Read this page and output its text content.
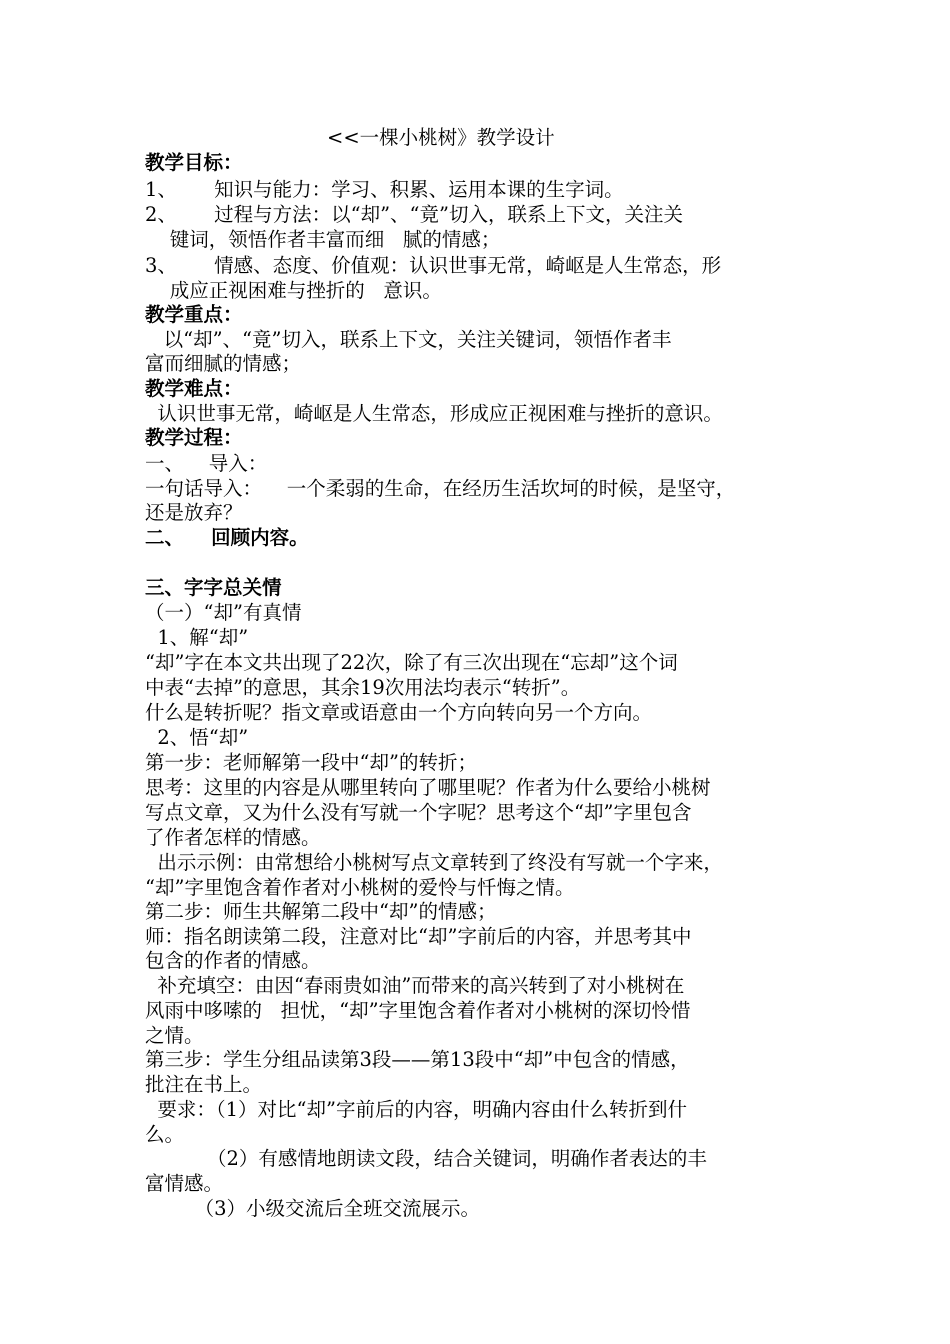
<<一棵小桃树》教学设计
教学目标：
1、      知识与能力：学习、积累、运用本课的生字词。
2、      过程与方法：以“却”、“竟”切入，联系上下文，关注关
键词，领悟作者丰富而细   腻的情感；
3、      情感、态度、价值观：认识世事无常，崎岖是人生常态，形
成应正视困难与挫折的   意识。
教学重点：
以“却”、“竟”切入，联系上下文，关注关键词，领悟作者丰
富而细腻的情感；
教学难点：
认识世事无常，崎岖是人生常态，形成应正视困难与挫折的意识。
教学过程：
一、    导入：
一句话导入：    一个柔弱的生命，在经历生活坎坷的时候，是坚守，
还是放弃？
二、    回顾内容。
三、字字总关情
（一）“却”有真情
1、解“却”
“却”字在本文共出现了22次，除了有三次出现在“忘却”这个词
中表“去掉”的意思，其余19次用法均表示“转折”。
什么是转折呢？指文章或语意由一个方向转向另一个方向。
2、悟“却”
第一步：老师解第一段中“却”的转折；
思考：这里的内容是从哪里转向了哪里呢？作者为什么要给小桃树
写点文章，又为什么没有写就一个字呢？思考这个“却”字里包含
了作者怎样的情感。
出示示例：由常想给小桃树写点文章转到了终没有写就一个字来，
“却”字里饱含着作者对小桃树的爱怜与忏悔之情。
第二步：师生共解第二段中“却”的情感；
师：指名朗读第二段，注意对比“却”字前后的内容，并思考其中
包含的作者的情感。
补充填空：由因“春雨贵如油”而带来的高兴转到了对小桃树在
风雨中哆嗦的   担忧，“却”字里饱含着作者对小桃树的深切怜惜
之情。
第三步：学生分组品读第3段——第13段中“却”中包含的情感，
批注在书上。
要求：（1）对比“却”字前后的内容，明确内容由什么转折到什
么。
（2）有感情地朗读文段，结合关键词，明确作者表达的丰
富情感。
（3）小级交流后全班交流展示。
